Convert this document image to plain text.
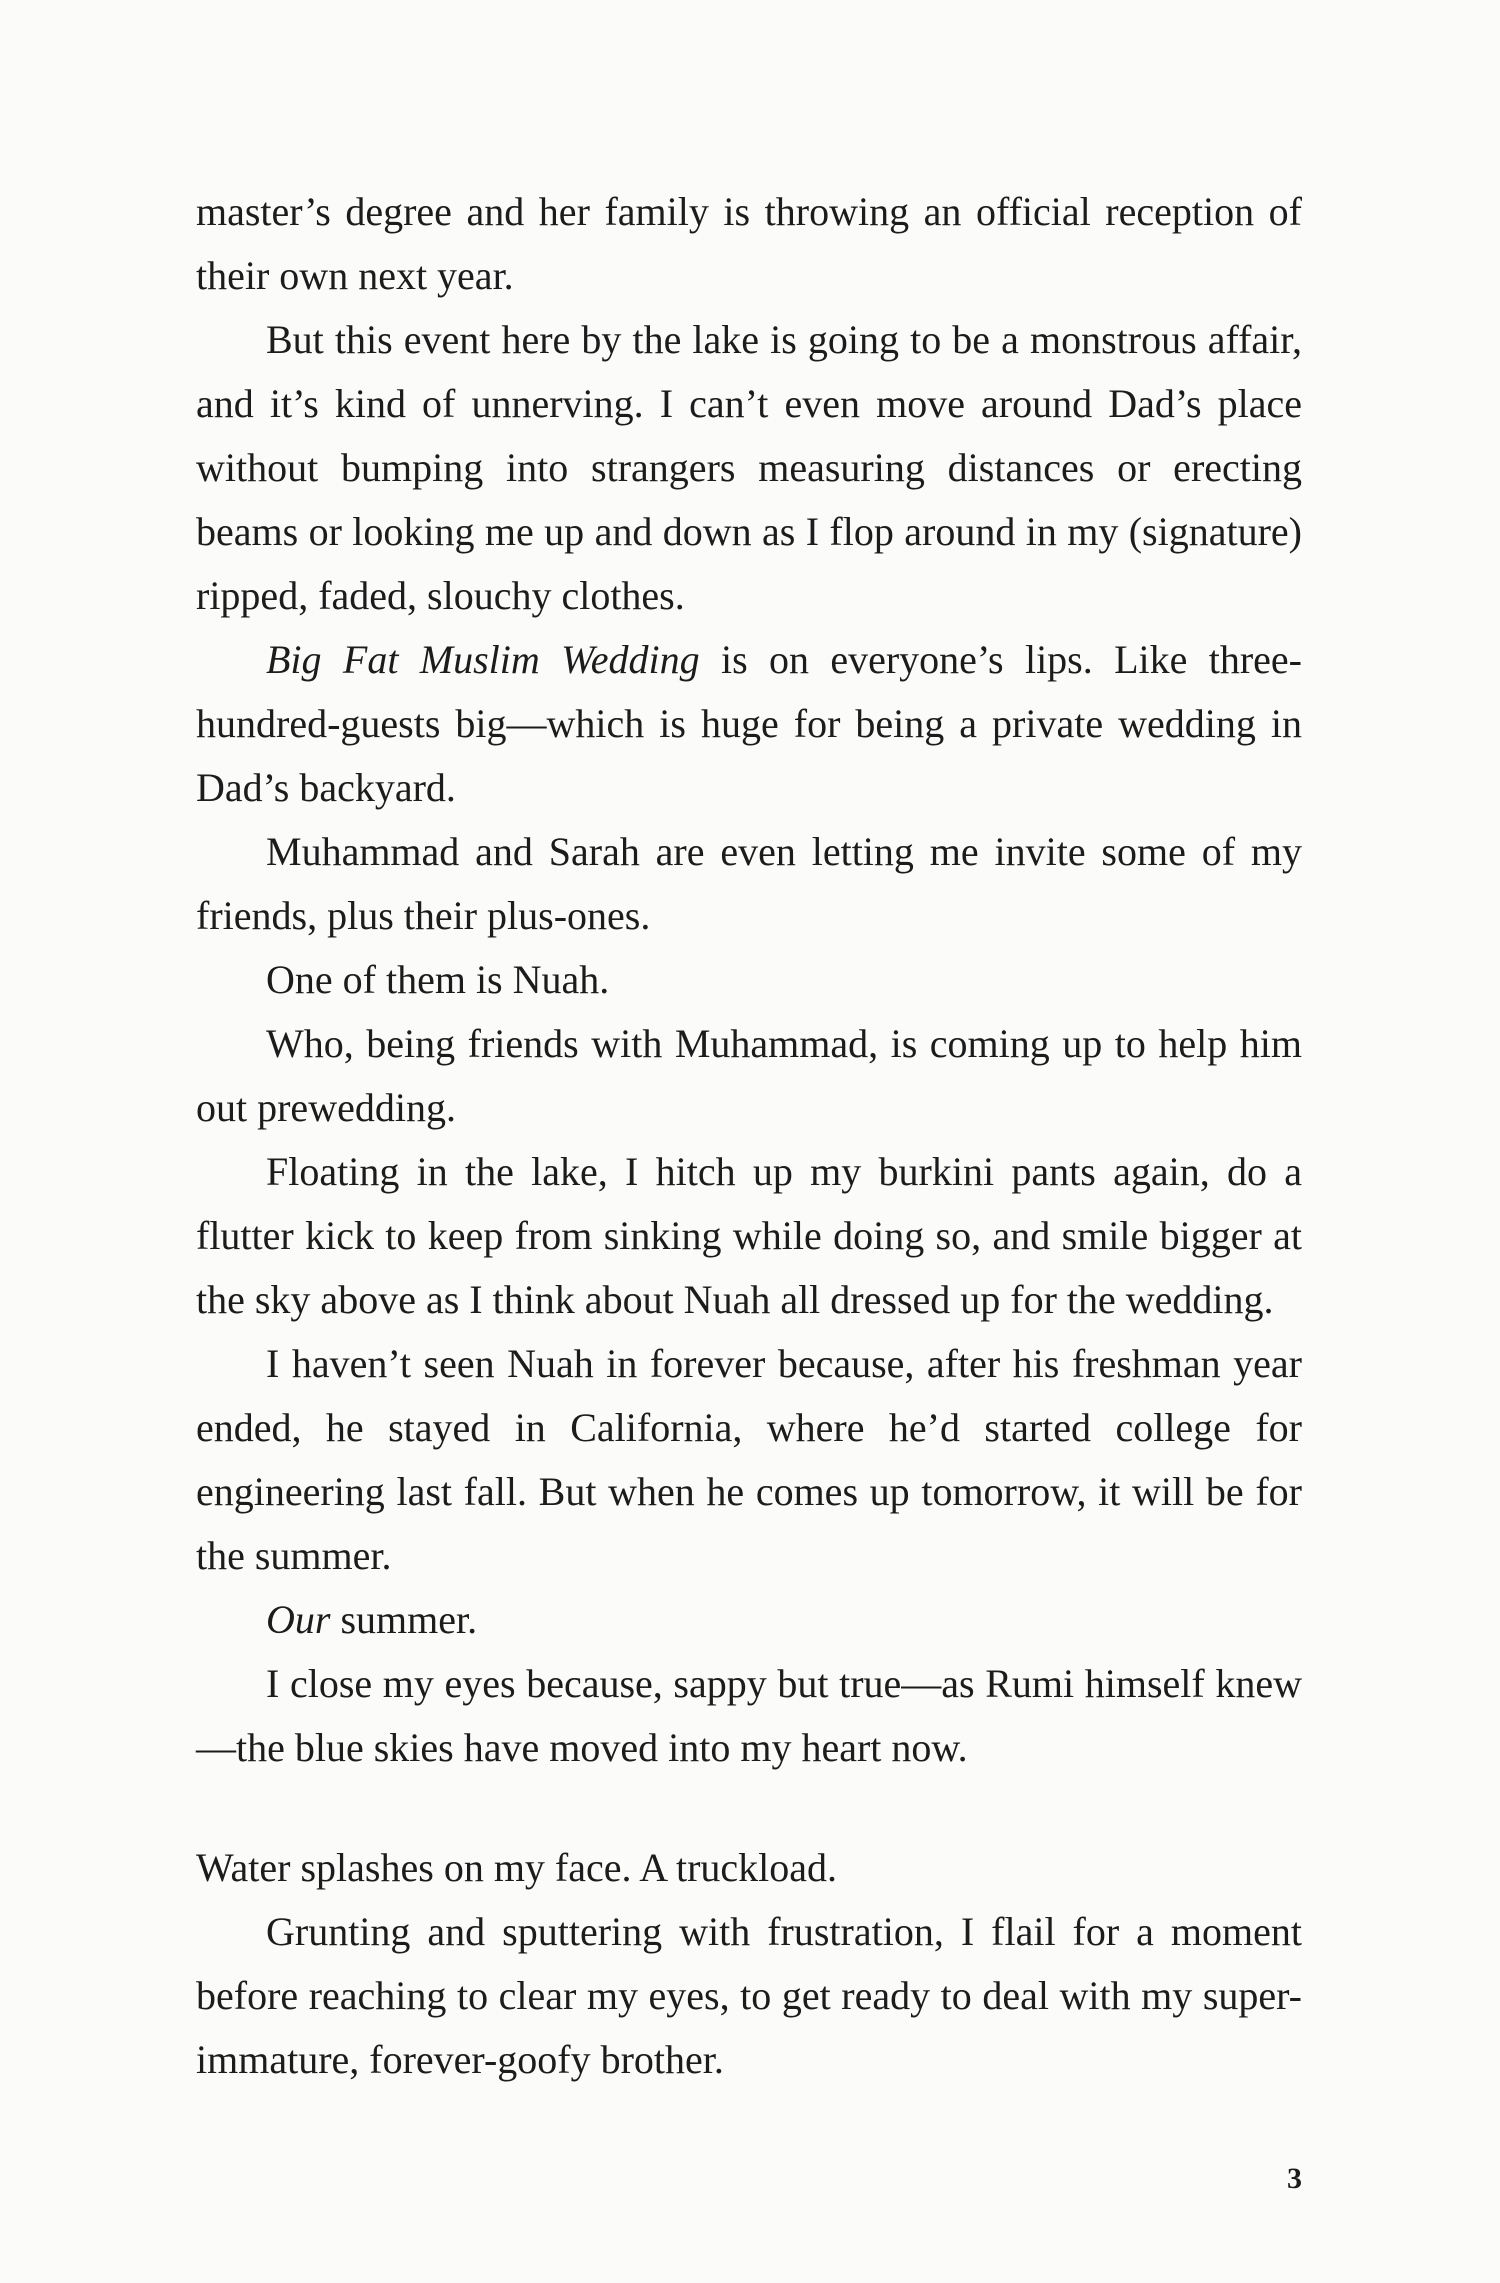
master’s degree and her family is throwing an official reception of their own next year.

But this event here by the lake is going to be a monstrous affair, and it’s kind of unnerving. I can’t even move around Dad’s place without bumping into strangers measuring distances or erecting beams or looking me up and down as I flop around in my (signature) ripped, faded, slouchy clothes.

Big Fat Muslim Wedding is on everyone’s lips. Like three-hundred-guests big—which is huge for being a private wedding in Dad’s backyard.

Muhammad and Sarah are even letting me invite some of my friends, plus their plus-ones.

One of them is Nuah.

Who, being friends with Muhammad, is coming up to help him out prewedding.

Floating in the lake, I hitch up my burkini pants again, do a flutter kick to keep from sinking while doing so, and smile bigger at the sky above as I think about Nuah all dressed up for the wedding.

I haven’t seen Nuah in forever because, after his freshman year ended, he stayed in California, where he’d started college for engineering last fall. But when he comes up tomorrow, it will be for the summer.

Our summer.

I close my eyes because, sappy but true—as Rumi himself knew—the blue skies have moved into my heart now.

Water splashes on my face. A truckload.

Grunting and sputtering with frustration, I flail for a moment before reaching to clear my eyes, to get ready to deal with my super-immature, forever-goofy brother.

3
